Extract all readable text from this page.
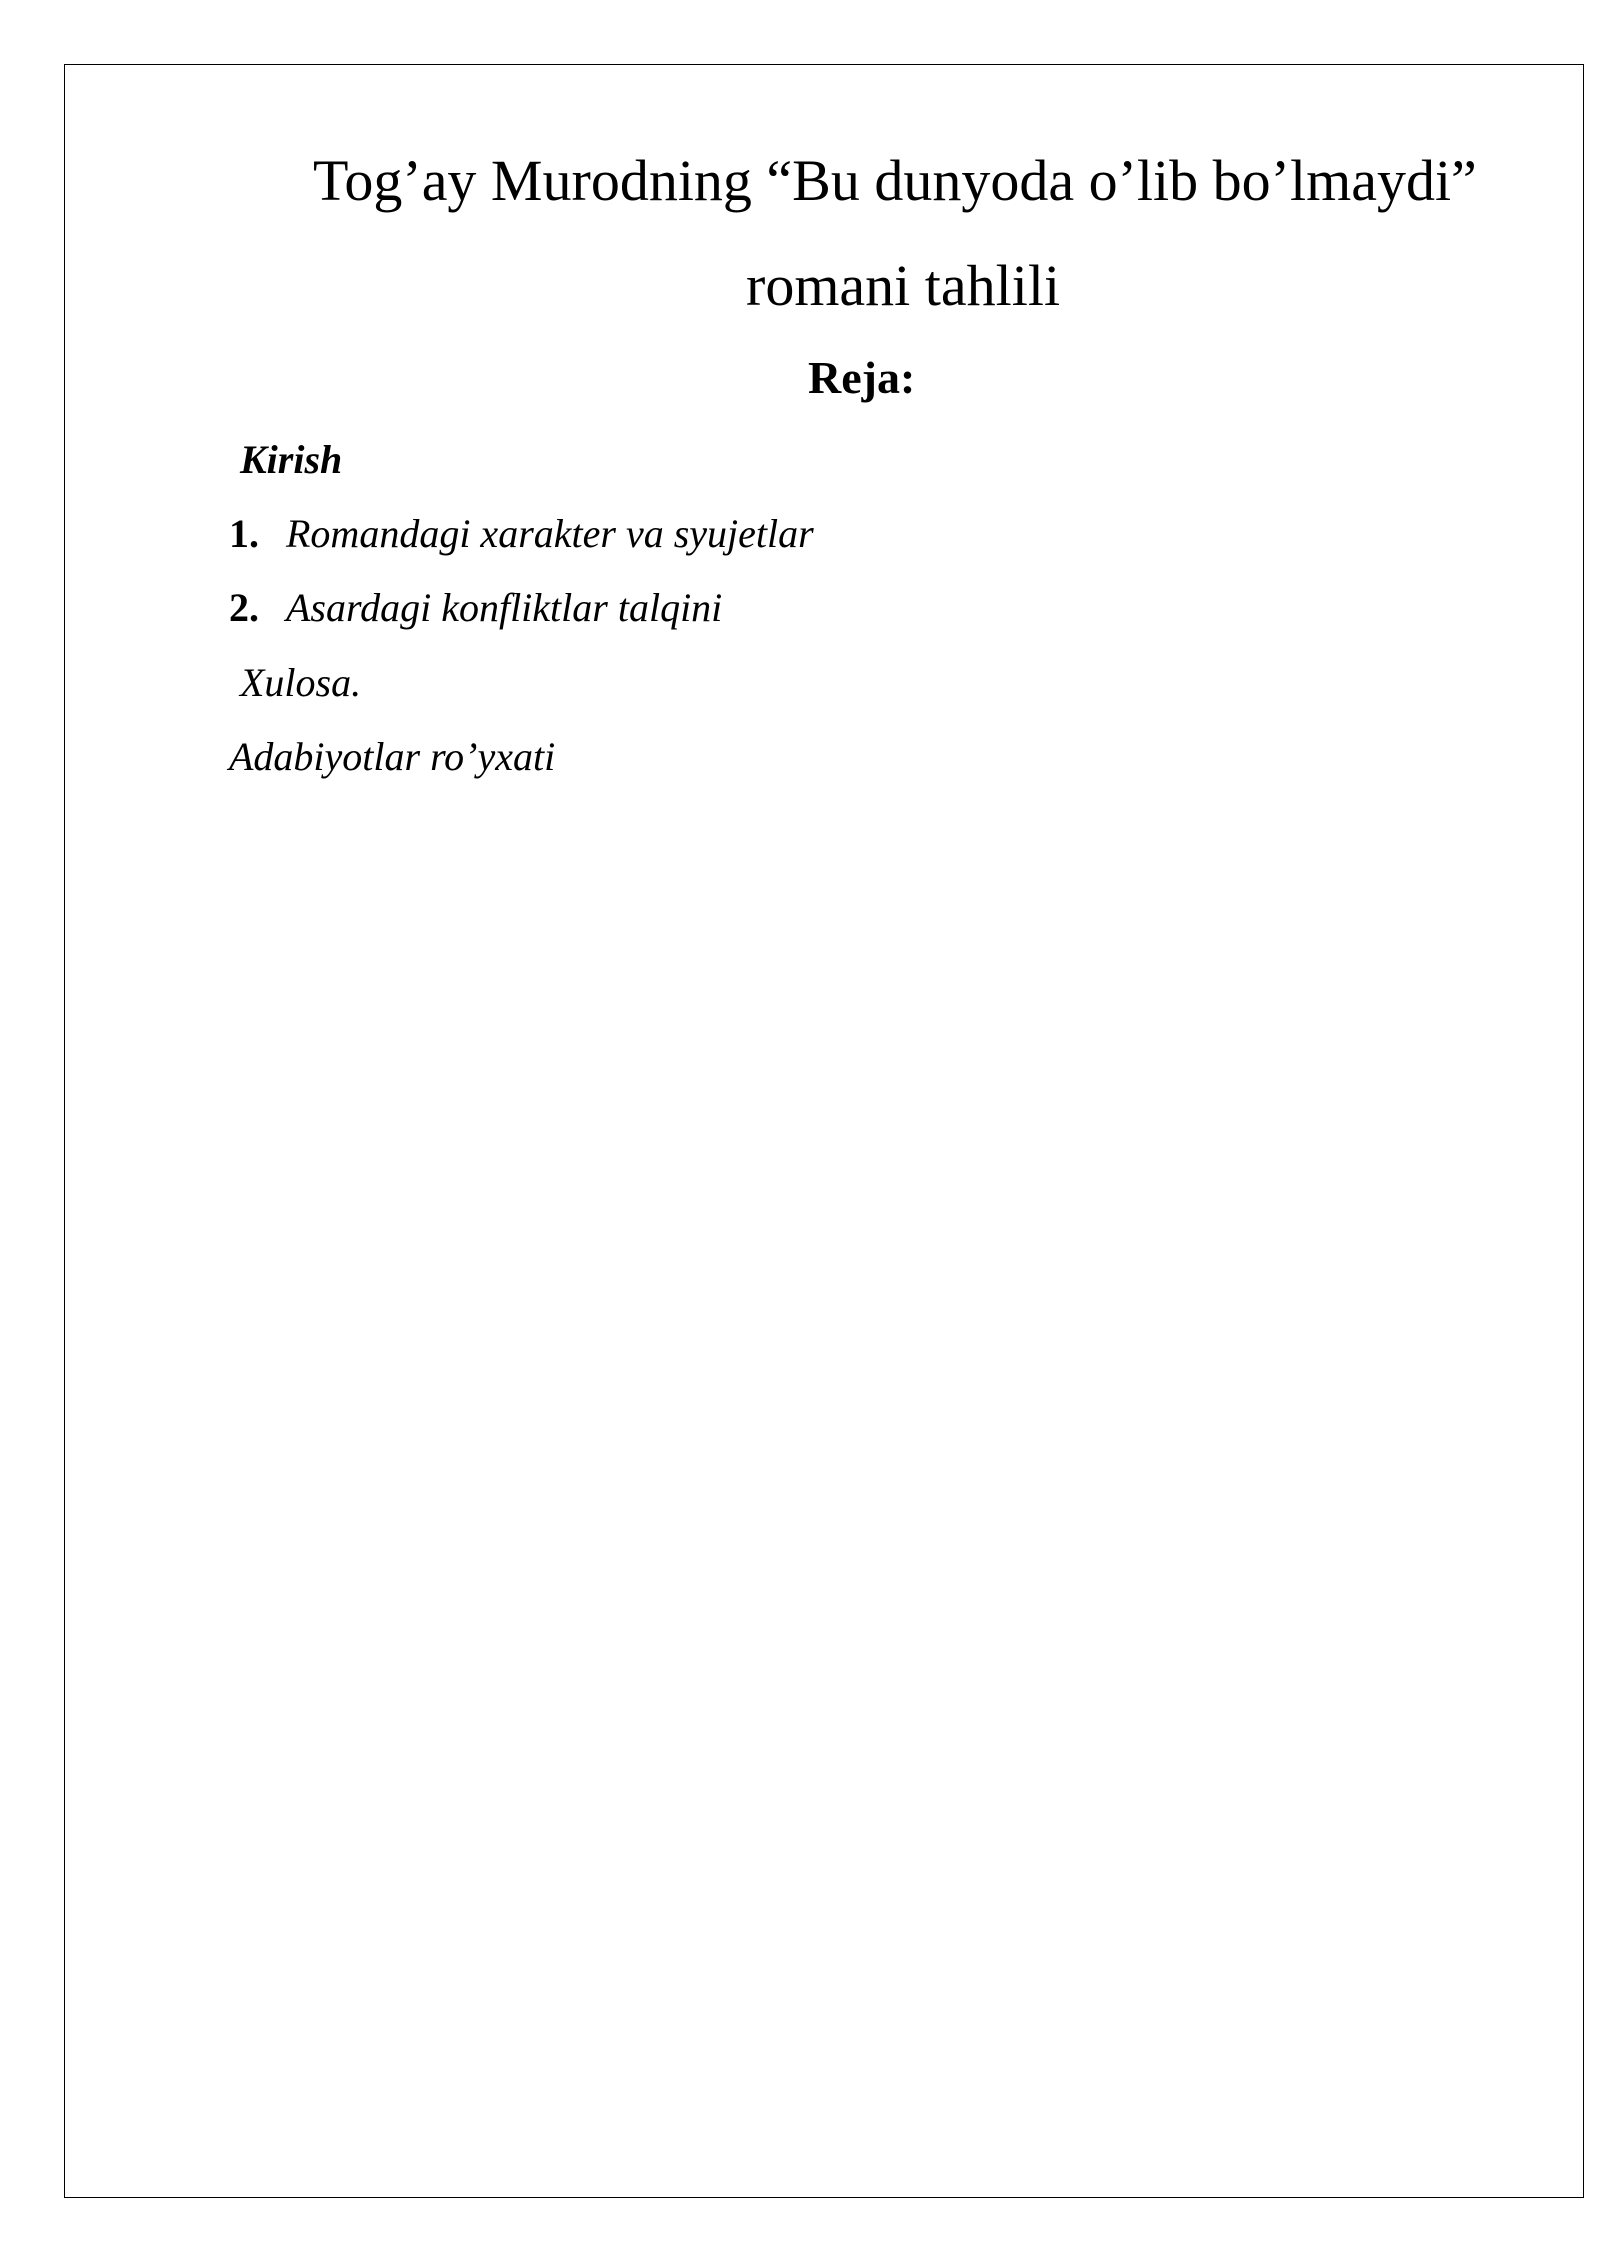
Tog’ay Murodning “Bu dunyoda o’lib bo’lmaydi”
romani tahlili
Reja:
Kirish
1. Romandagi xarakter va syujetlar
2. Asardagi konfliktlar talqini
Xulosa.
Adabiyotlar ro’yxati
